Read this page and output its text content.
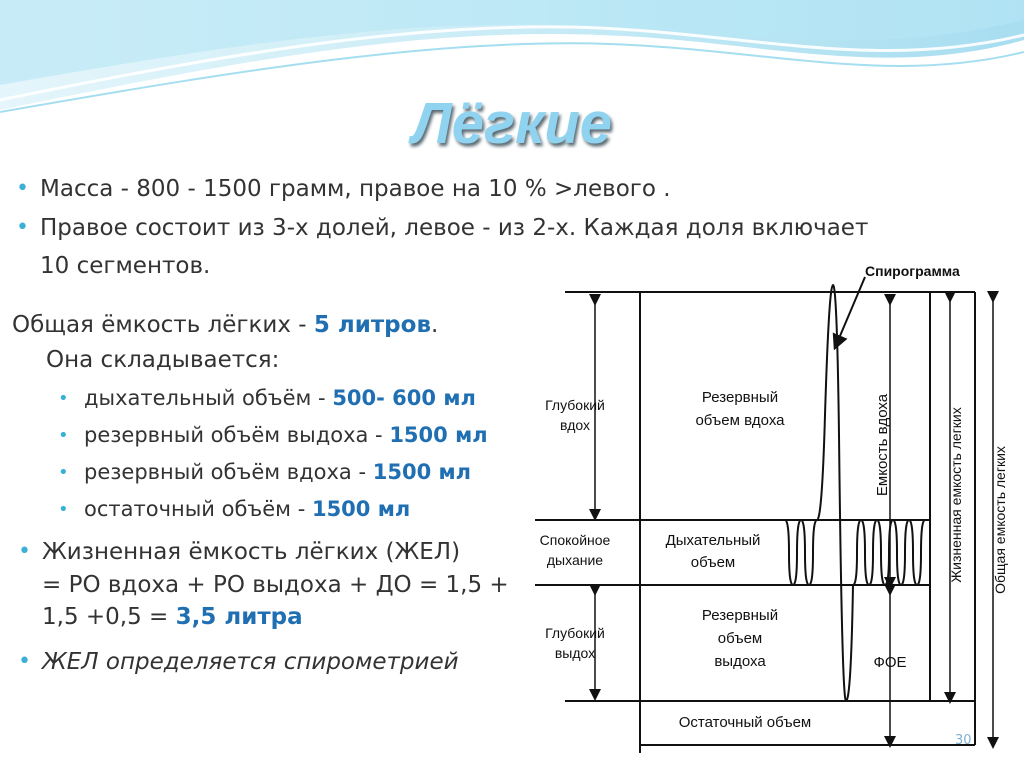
Лёгкие
• Масса - 800 - 1500 грамм, правое на 10 % >левого .
• Правое состоит из 3-х долей, левое - из 2-х. Каждая доля включает
10 сегментов.
Общая ёмкость лёгких - 5 литров.
Она складывается:
• дыхательный объём - 500- 600 мл
• резервный объём выдоха - 1500 мл
• резервный объём вдоха - 1500 мл
• остаточный объём - 1500 мл
• Жизненная ёмкость лёгких (ЖЕЛ)
= РО вдоха + РО выдоха + ДО = 1,5 +
1,5 +0,5 = 3,5 литра
• ЖЕЛ определяется спирометрией
Спирограмма
Глубокий
вдох
Спокойное
дыхание
Глубокий
выдох
Резервный
объем вдоха
Дыхательный
объем
Резервный
объем
выдоха
Остаточный объем
ФОЕ
Емкость вдоха	Жизненная емкость легких Общая емкость легких
30
